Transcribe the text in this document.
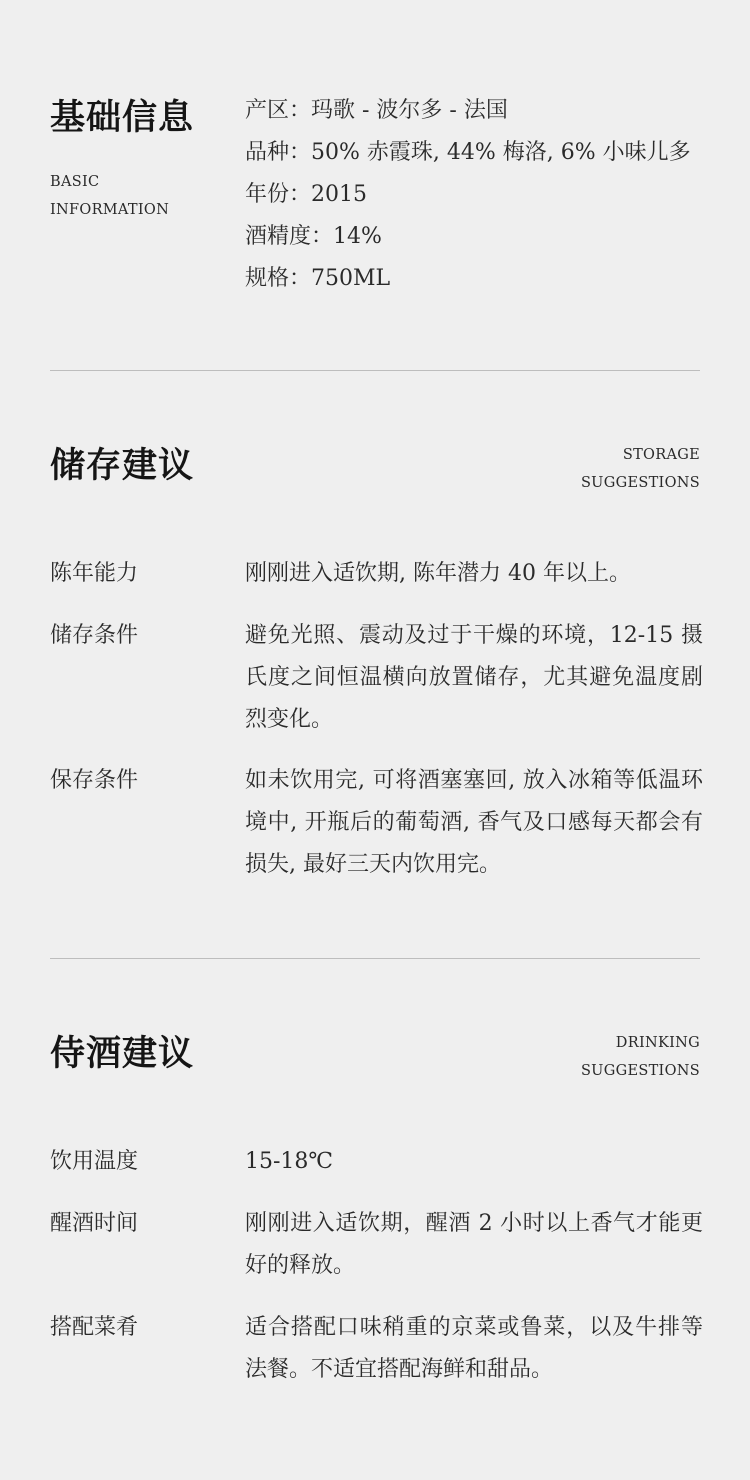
基础信息
BASIC
INFORMATION
产区：玛歌 - 波尔多 - 法国
品种：50% 赤霞珠, 44% 梅洛, 6% 小味儿多
年份：2015
酒精度：14%
规格：750ML
储存建议	STORAGE
SUGGESTIONS
陈年能力	刚刚进入适饮期, 陈年潜力 40 年以上。
储存条件	避免光照、震动及过于干燥的环境，12-15 摄氏度之间恒温横向放置储存，尤其避免温度剧烈变化。
保存条件	如未饮用完, 可将酒塞塞回, 放入冰箱等低温环境中, 开瓶后的葡萄酒, 香气及口感每天都会有损失, 最好三天内饮用完。
侍酒建议	DRINKING
SUGGESTIONS
饮用温度	15-18℃
醒酒时间	刚刚进入适饮期，醒酒 2 小时以上香气才能更好的释放。
搭配菜肴	适合搭配口味稍重的京菜或鲁菜，以及牛排等法餐。不适宜搭配海鲜和甜品。
